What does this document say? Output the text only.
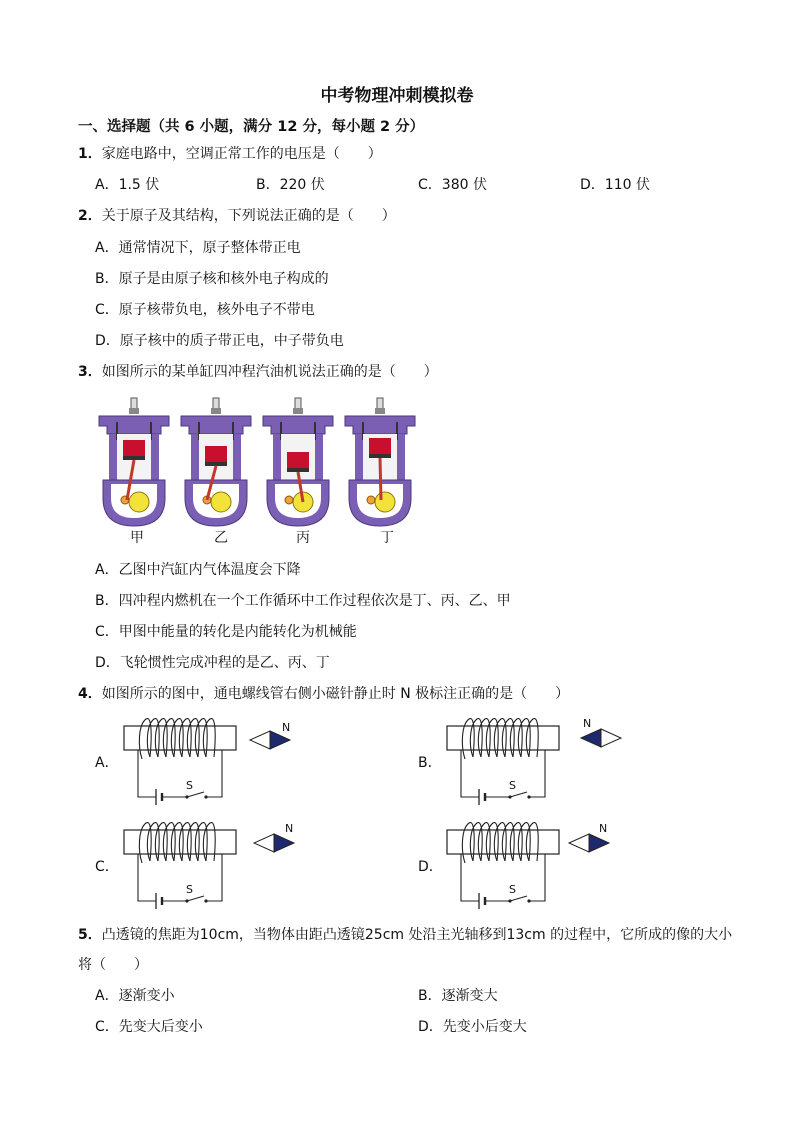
中考物理冲刺模拟卷
一、选择题（共 6 小题，满分 12 分，每小题 2 分）
1．家庭电路中，空调正常工作的电压是（　　）
A．1.5 伏	B．220 伏	C．380 伏	D．110 伏
2．关于原子及其结构，下列说法正确的是（　　）
A．通常情况下，原子整体带正电
B．原子是由原子核和核外电子构成的
C．原子核带负电，核外电子不带电
D．原子核中的质子带正电，中子带负电
3．如图所示的某单缸四冲程汽油机说法正确的是（　　）
甲	乙	丙	丁
A．乙图中汽缸内气体温度会下降
B．四冲程内燃机在一个工作循环中工作过程依次是丁、丙、乙、甲
C．甲图中能量的转化是内能转化为机械能
D．飞轮惯性完成冲程的是乙、丙、丁
4．如图所示的图中，通电螺线管右侧小磁针静止时 N 极标注正确的是（　　）
A．
N
S
B．
N
S
C．
N
S
D．
N
S
5．凸透镜的焦距为10cm，当物体由距凸透镜25cm 处沿主光轴移到13cm 的过程中，它所成的像的大小
将（　　）
A．逐渐变小	B．逐渐变大
C．先变大后变小	D．先变小后变大
